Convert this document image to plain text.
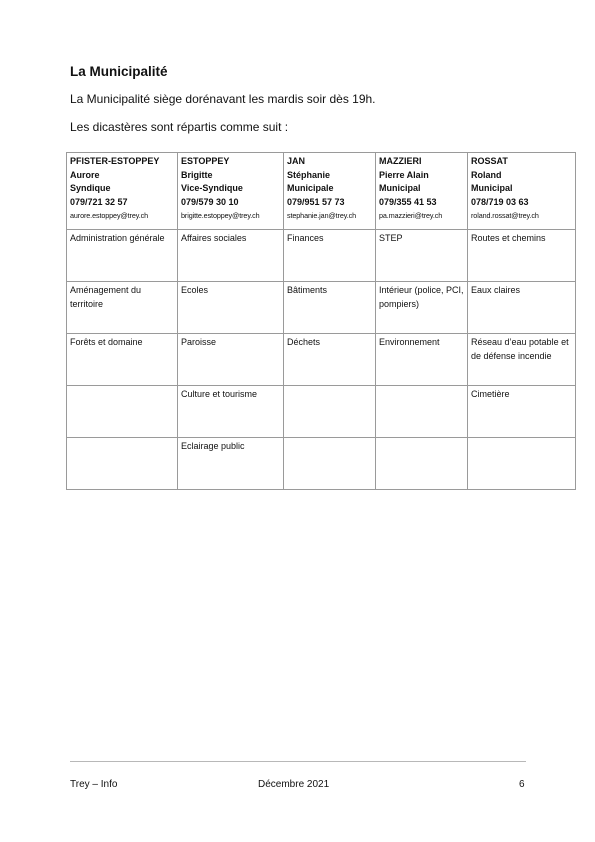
La Municipalité
La Municipalité siège dorénavant les mardis soir dès 19h.
Les dicastères sont répartis comme suit :
PFISTER-ESTOPPEY
Aurore
Syndique
079/721 32 57
aurore.estoppey@trey.ch	ESTOPPEY
Brigitte
Vice-Syndique
079/579 30 10
brigitte.estoppey@trey.ch	JAN
Stéphanie
Municipale
079/951 57 73
stephanie.jan@trey.ch	MAZZIERI
Pierre Alain
Municipal
079/355 41 53
pa.mazzieri@trey.ch	ROSSAT
Roland
Municipal
078/719 03 63
roland.rossat@trey.ch

Administration générale	Affaires sociales	Finances	STEP	Routes et chemins
Aménagement du territoire	Ecoles	Bâtiments	Intérieur (police, PCI, pompiers)	Eaux claires
Forêts et domaine	Paroisse	Déchets	Environnement	Réseau d’eau potable et de défense incendie
	Culture et tourisme			Cimetière
	Eclairage public			
Trey – Info	Décembre 2021	6
